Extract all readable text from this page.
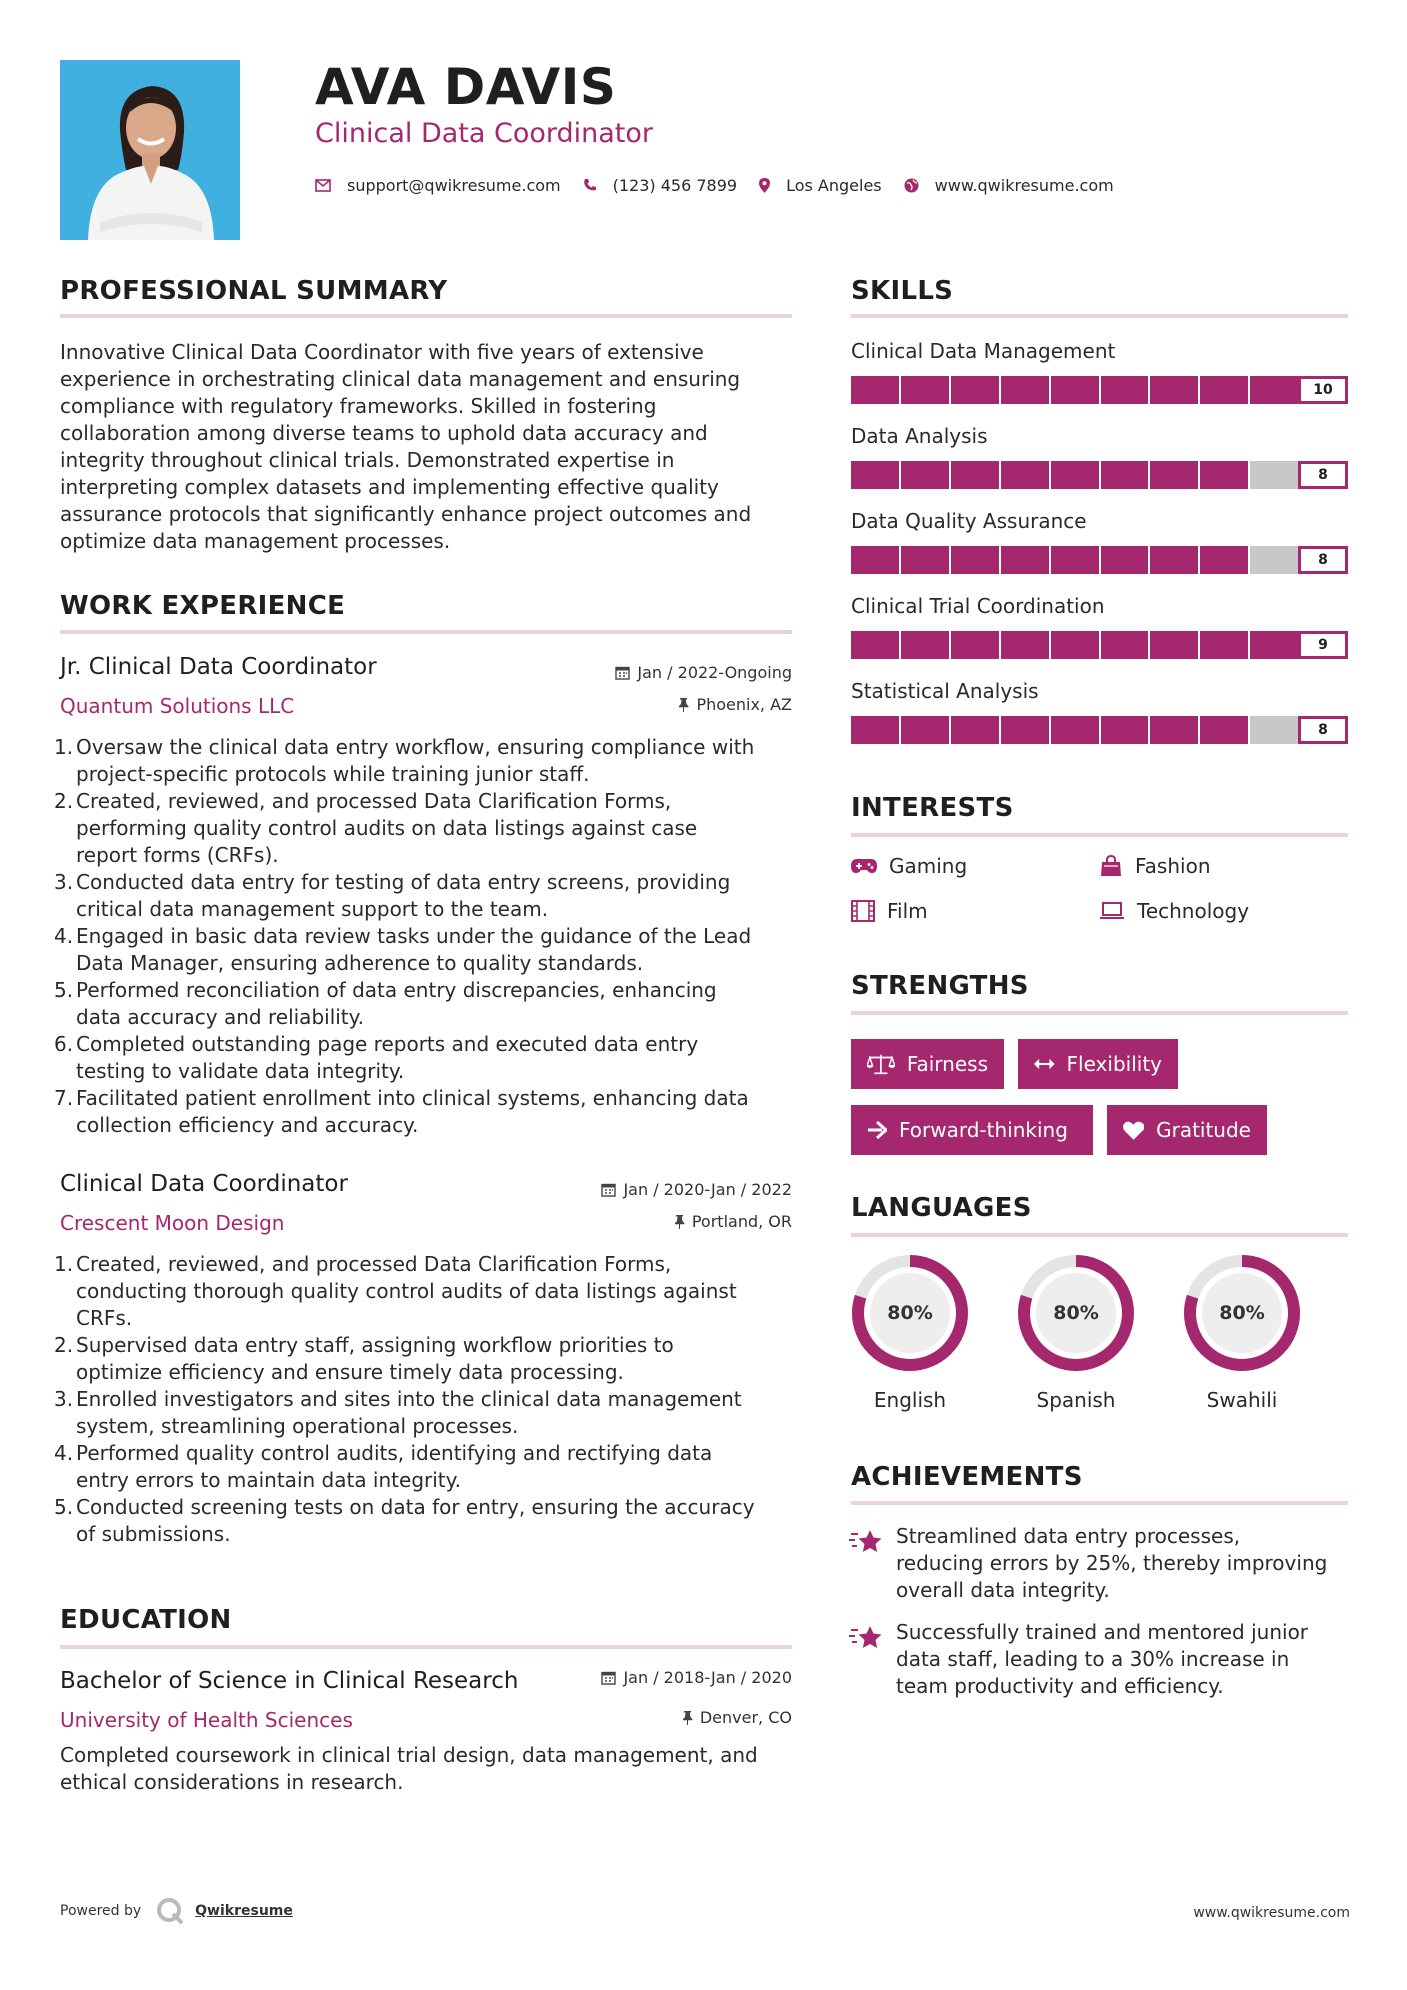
AVA DAVIS
Clinical Data Coordinator
support@qwikresume.com	(123) 456 7899	Los Angeles	www.qwikresume.com
PROFESSIONAL SUMMARY
Innovative Clinical Data Coordinator with five years of extensive
experience in orchestrating clinical data management and ensuring
compliance with regulatory frameworks. Skilled in fostering
collaboration among diverse teams to uphold data accuracy and
integrity throughout clinical trials. Demonstrated expertise in
interpreting complex datasets and implementing effective quality
assurance protocols that significantly enhance project outcomes and
optimize data management processes.
WORK EXPERIENCE
Jr. Clinical Data Coordinator	Jan / 2022-Ongoing
Quantum Solutions LLC	Phoenix, AZ
1. Oversaw the clinical data entry workflow, ensuring compliance with
project-specific protocols while training junior staff.
2. Created, reviewed, and processed Data Clarification Forms,
performing quality control audits on data listings against case
report forms (CRFs).
3. Conducted data entry for testing of data entry screens, providing
critical data management support to the team.
4. Engaged in basic data review tasks under the guidance of the Lead
Data Manager, ensuring adherence to quality standards.
5. Performed reconciliation of data entry discrepancies, enhancing
data accuracy and reliability.
6. Completed outstanding page reports and executed data entry
testing to validate data integrity.
7. Facilitated patient enrollment into clinical systems, enhancing data
collection efficiency and accuracy.
Clinical Data Coordinator	Jan / 2020-Jan / 2022
Crescent Moon Design	Portland, OR
1. Created, reviewed, and processed Data Clarification Forms,
conducting thorough quality control audits of data listings against
CRFs.
2. Supervised data entry staff, assigning workflow priorities to
optimize efficiency and ensure timely data processing.
3. Enrolled investigators and sites into the clinical data management
system, streamlining operational processes.
4. Performed quality control audits, identifying and rectifying data
entry errors to maintain data integrity.
5. Conducted screening tests on data for entry, ensuring the accuracy
of submissions.
EDUCATION
Bachelor of Science in Clinical Research	Jan / 2018-Jan / 2020
University of Health Sciences	Denver, CO
Completed coursework in clinical trial design, data management, and
ethical considerations in research.
SKILLS
Clinical Data Management
10
Data Analysis
8
Data Quality Assurance
8
Clinical Trial Coordination
9
Statistical Analysis
8
INTERESTS
Gaming	Fashion
Film	Technology
STRENGTHS
Fairness	Flexibility
Forward-thinking	Gratitude
LANGUAGES
80%
English
80%
Spanish
80%
Swahili
ACHIEVEMENTS
Streamlined data entry processes,
reducing errors by 25%, thereby improving
overall data integrity.
Successfully trained and mentored junior
data staff, leading to a 30% increase in
team productivity and efficiency.
Powered by	Qwikresume	www.qwikresume.com
